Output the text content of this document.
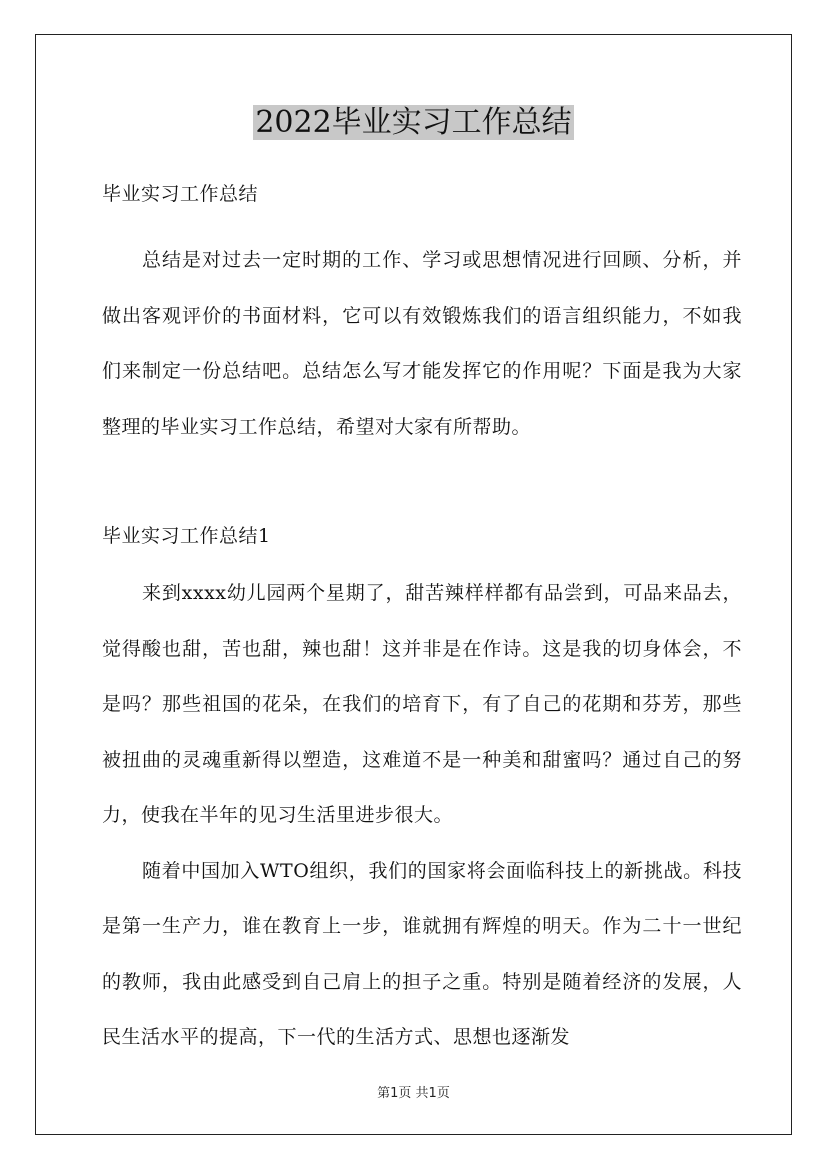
2022毕业实习工作总结

毕业实习工作总结

总结是对过去一定时期的工作、学习或思想情况进行回顾、分析，并做出客观评价的书面材料，它可以有效锻炼我们的语言组织能力，不如我们来制定一份总结吧。总结怎么写才能发挥它的作用呢？下面是我为大家整理的毕业实习工作总结，希望对大家有所帮助。

毕业实习工作总结1

来到xxxx幼儿园两个星期了，甜苦辣样样都有品尝到，可品来品去，觉得酸也甜，苦也甜，辣也甜！这并非是在作诗。这是我的切身体会，不是吗？那些祖国的花朵，在我们的培育下，有了自己的花期和芬芳，那些被扭曲的灵魂重新得以塑造，这难道不是一种美和甜蜜吗？通过自己的努力，使我在半年的见习生活里进步很大。

随着中国加入WTO组织，我们的国家将会面临科技上的新挑战。科技是第一生产力，谁在教育上一步，谁就拥有辉煌的明天。作为二十一世纪的教师，我由此感受到自己肩上的担子之重。特别是随着经济的发展，人民生活水平的提高，下一代的生活方式、思想也逐渐发

第1页 共1页
